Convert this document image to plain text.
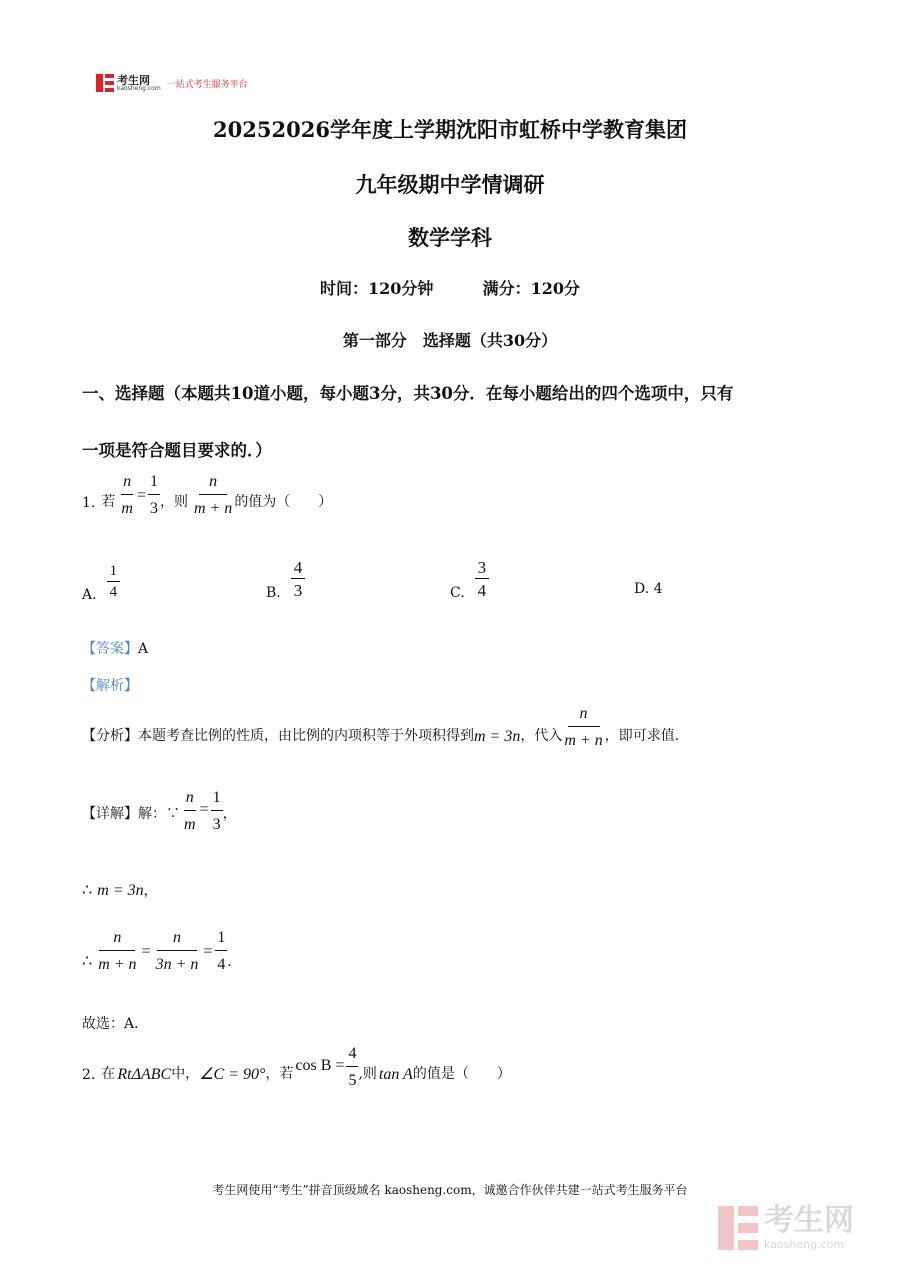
考生网
kaosheng.com 一站式考生服务平台
20252026学年度上学期沈阳市虹桥中学教育集团
九年级期中学情调研
数学学科
时间：120分钟	满分：120分
第一部分　选择题（共30分）
一、选择题（本题共10道小题，每小题3分，共30分．在每小题给出的四个选项中，只有
一项是符合题目要求的．）
1. 若 $\frac{n}{m} = \frac{1}{3}$ ，则 $\frac{n}{m + n}$ 的值为（　　）
A. $\frac{1}{4}$	B. $\frac{4}{3}$	C. $\frac{3}{4}$	D. 4
【答案】A
【解析】
【分析】 本题考查比例的性质，由比例的内项积等于外项积得到 m = 3n ，代入 $\frac{n}{m + n}$ ，即可求值．
【详解】 解：∵ $\frac{n}{m} = \frac{1}{3}$ ，
∴ m = 3n，
∴ $\frac{n}{m + n} = \frac{n}{3n + n} = \frac{1}{4}$ ．
故选：A．
2. 在 RtΔABC 中， ∠C = 90° ，若 $\cos B = \frac{4}{5}$ ,则 tan A 的值是（　　）
考生网使用“考生”拼音顶级域名 kaosheng.com，诚邀合作伙伴共建一站式考生服务平台
考生网
kaosheng.com
